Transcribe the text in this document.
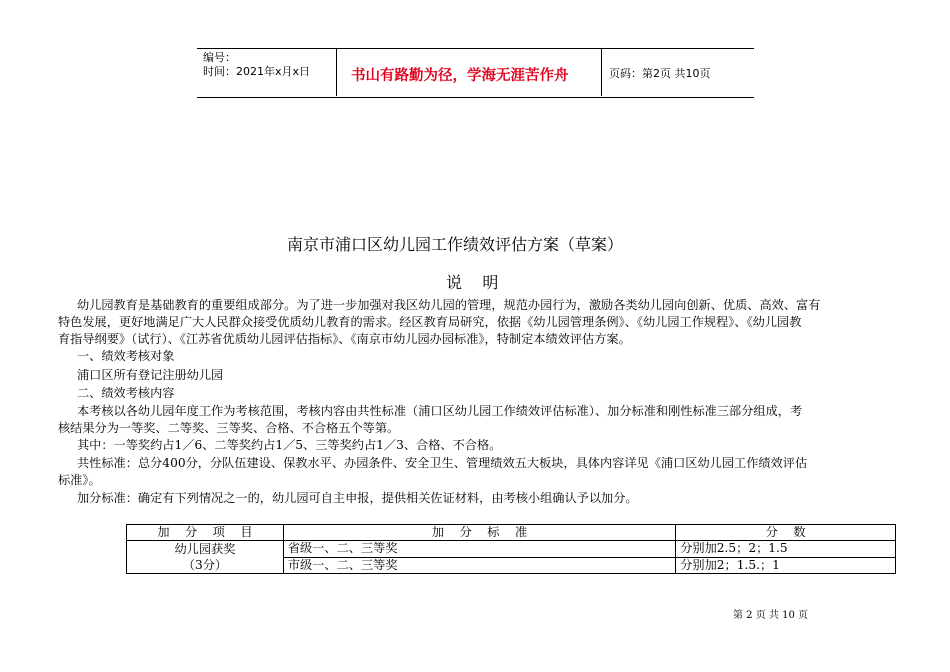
编号：
时间：2021年x月x日	书山有路勤为径，学海无涯苦作舟	页码：第2页 共10页
南京市浦口区幼儿园工作绩效评估方案（草案）
说    明
幼儿园教育是基础教育的重要组成部分。为了进一步加强对我区幼儿园的管理，规范办园行为，激励各类幼儿园向创新、优质、高效、富有
特色发展，更好地满足广大人民群众接受优质幼儿教育的需求。经区教育局研究，依据《幼儿园管理条例》、《幼儿园工作规程》、《幼儿园教
育指导纲要》（试行）、《江苏省优质幼儿园评估指标》、《南京市幼儿园办园标准》，特制定本绩效评估方案。
一、绩效考核对象
浦口区所有登记注册幼儿园
二、绩效考核内容
本考核以各幼儿园年度工作为考核范围，考核内容由共性标准（浦口区幼儿园工作绩效评估标准）、加分标准和刚性标准三部分组成，考
核结果分为一等奖、二等奖、三等奖、合格、不合格五个等第。
其中：一等奖约占1／6、二等奖约占1／5、三等奖约占1／3、合格、不合格。
共性标准：总分400分，分队伍建设、保教水平、办园条件、安全卫生、管理绩效五大板块，具体内容详见《浦口区幼儿园工作绩效评估
标准》。
加分标准：确定有下列情况之一的，幼儿园可自主申报，提供相关佐证材料，由考核小组确认予以加分。
加    分    项    目	加    分    标    准	分    数

幼儿园获奖
（3分）	省级一、二、三等奖	分别加2.5；2；1.5
	市级一、二、三等奖	分别加2；1.5.；1
第 2 页 共 10 页
